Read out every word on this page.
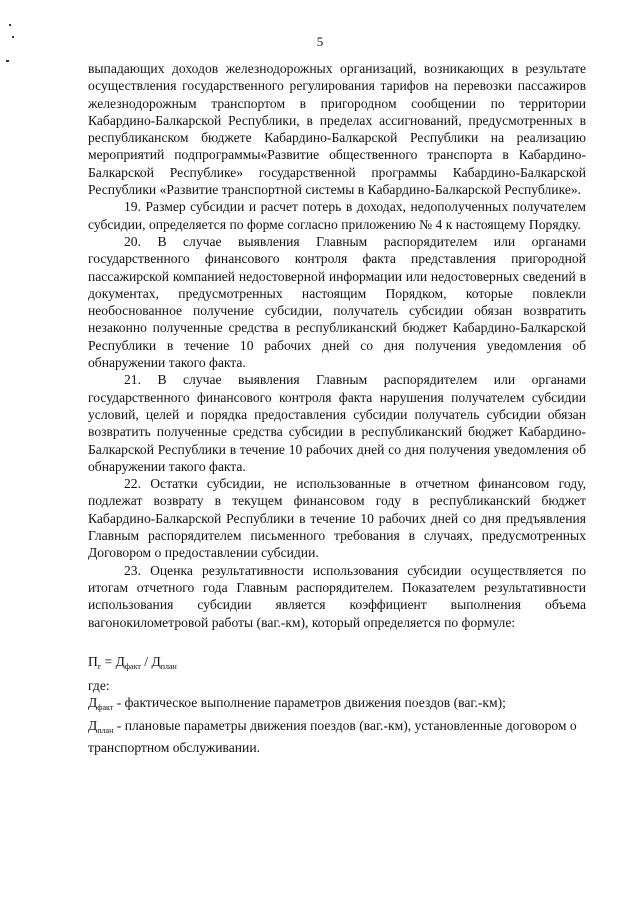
5

выпадающих доходов железнодорожных организаций, возникающих в результате осуществления государственного регулирования тарифов на перевозки пассажиров железнодорожным транспортом в пригородном сообщении по территории Кабардино-Балкарской Республики, в пределах ассигнований, предусмотренных в республиканском бюджете Кабардино-Балкарской Республики на реализацию мероприятий подпрограммы«Развитие общественного транспорта в Кабардино-Балкарской Республике» государственной программы Кабардино-Балкарской Республики «Развитие транспортной системы в Кабардино-Балкарской Республике».

19. Размер субсидии и расчет потерь в доходах, недополученных получателем субсидии, определяется по форме согласно приложению № 4 к настоящему Порядку.

20. В случае выявления Главным распорядителем или органами государственного финансового контроля факта представления пригородной пассажирской компанией недостоверной информации или недостоверных сведений в документах, предусмотренных настоящим Порядком, которые повлекли необоснованное получение субсидии, получатель субсидии обязан возвратить незаконно полученные средства в республиканский бюджет Кабардино-Балкарской Республики в течение 10 рабочих дней со дня получения уведомления об обнаружении такого факта.

21. В случае выявления Главным распорядителем или органами государственного финансового контроля факта нарушения получателем субсидии условий, целей и порядка предоставления субсидии получатель субсидии обязан возвратить полученные средства субсидии в республиканский бюджет Кабардино-Балкарской Республики в течение 10 рабочих дней со дня получения уведомления об обнаружении такого факта.

22. Остатки субсидии, не использованные в отчетном финансовом году, подлежат возврату в текущем финансовом году в республиканский бюджет Кабардино-Балкарской Республики в течение 10 рабочих дней со дня предъявления Главным распорядителем письменного требования в случаях, предусмотренных Договором о предоставлении субсидии.

23. Оценка результативности использования субсидии осуществляется по итогам отчетного года Главным распорядителем. Показателем результативности использования субсидии является коэффициент выполнения объема вагонокилометровой работы (ваг.-км), который определяется по формуле:

$П_г = Д_{факт} / Д_{план}$

где:

$Д_{факт}$ - фактическое выполнение параметров движения поездов (ваг.-км);

$Д_{план}$ - плановые параметры движения поездов (ваг.-км), установленные договором о транспортном обслуживании.
